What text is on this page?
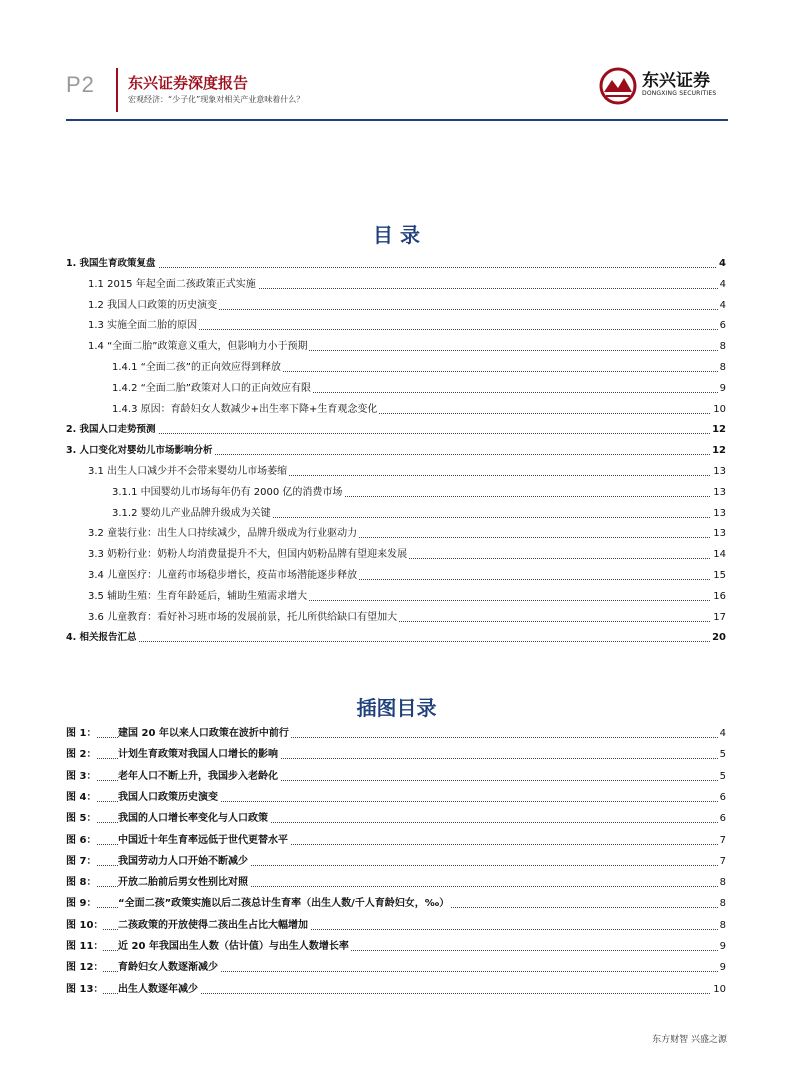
P2 东兴证券深度报告
宏观经济：“少子化”现象对相关产业意味着什么？
东兴证券
DONGXING SECURITIES
目 录
1. 我国生育政策复盘	4
1.1 2015 年起全面二孩政策正式实施	4
1.2 我国人口政策的历史演变	4
1.3 实施全面二胎的原因	6
1.4 “全面二胎”政策意义重大，但影响力小于预期	8
1.4.1 “全面二孩”的正向效应得到释放	8
1.4.2 “全面二胎”政策对人口的正向效应有限	9
1.4.3 原因：育龄妇女人数减少+出生率下降+生育观念变化	10
2. 我国人口走势预测	12
3. 人口变化对婴幼儿市场影响分析	12
3.1 出生人口减少并不会带来婴幼儿市场萎缩	13
3.1.1 中国婴幼儿市场每年仍有 2000 亿的消费市场	13
3.1.2 婴幼儿产业品牌升级成为关键	13
3.2 童装行业：出生人口持续减少，品牌升级成为行业驱动力	13
3.3 奶粉行业：奶粉人均消费量提升不大，但国内奶粉品牌有望迎来发展	14
3.4 儿童医疗：儿童药市场稳步增长，疫苗市场潜能逐步释放	15
3.5 辅助生殖：生育年龄延后，辅助生殖需求增大	16
3.6 儿童教育：看好补习班市场的发展前景，托儿所供给缺口有望加大	17
4. 相关报告汇总	20
插图目录
图 1： 建国 20 年以来人口政策在波折中前行	4
图 2： 计划生育政策对我国人口增长的影响	5
图 3： 老年人口不断上升，我国步入老龄化	5
图 4： 我国人口政策历史演变	6
图 5： 我国的人口增长率变化与人口政策	6
图 6： 中国近十年生育率远低于世代更替水平	7
图 7： 我国劳动力人口开始不断减少	7
图 8： 开放二胎前后男女性别比对照	8
图 9： “全面二孩”政策实施以后二孩总计生育率（出生人数/千人育龄妇女，‰）	8
图 10： 二孩政策的开放使得二孩出生占比大幅增加	8
图 11： 近 20 年我国出生人数（估计值）与出生人数增长率	9
图 12： 育龄妇女人数逐渐减少	9
图 13： 出生人数逐年减少	10
东方财智 兴盛之源
